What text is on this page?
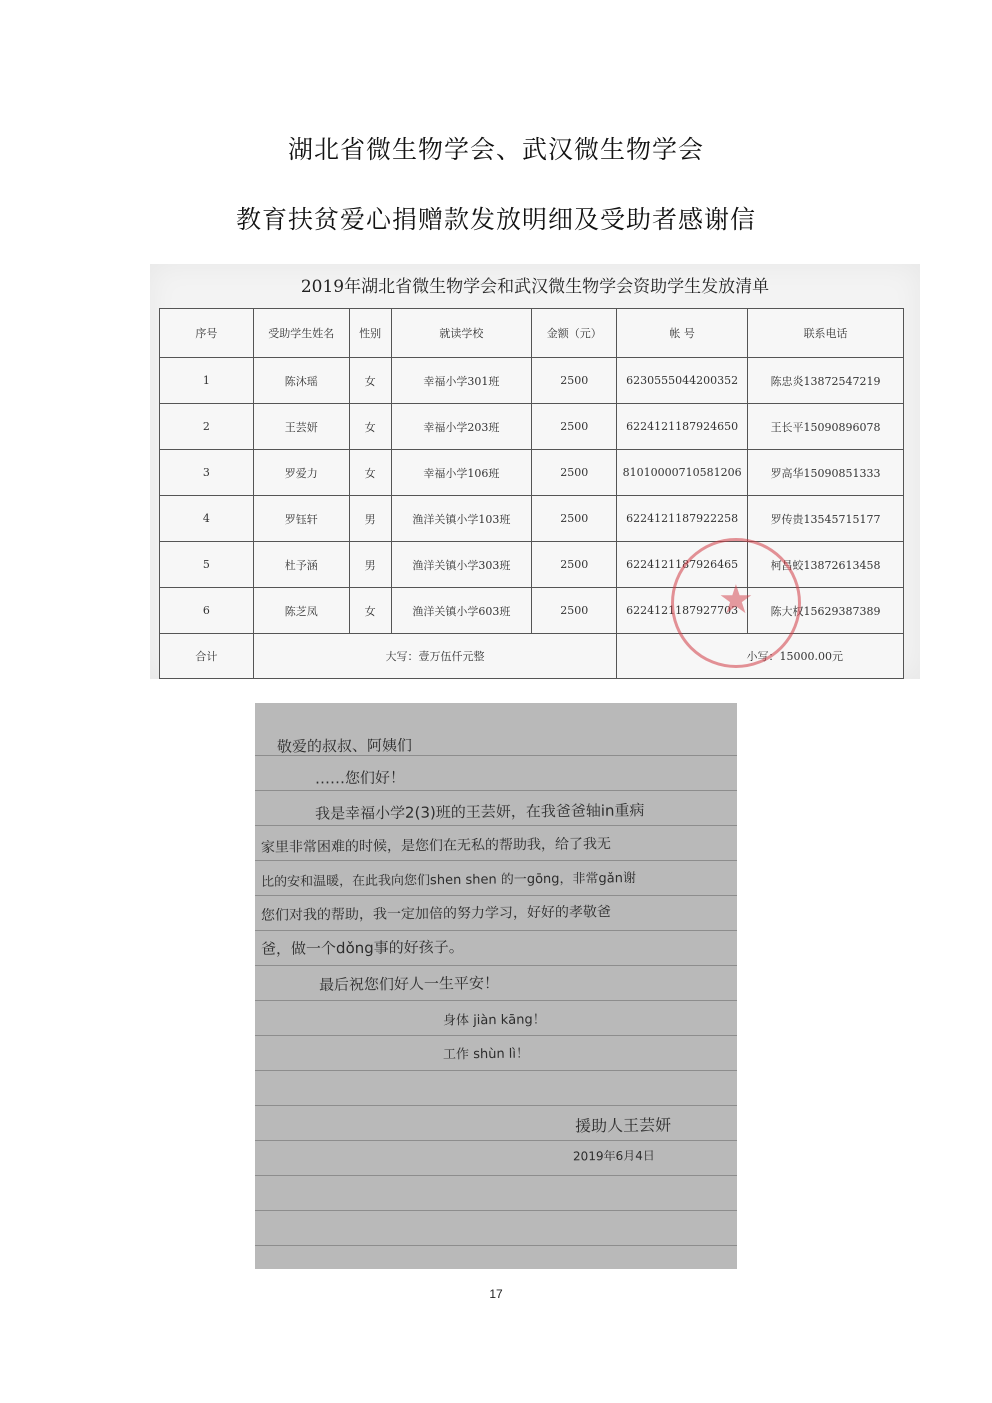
湖北省微生物学会、武汉微生物学会
教育扶贫爱心捐赠款发放明细及受助者感谢信
2019年湖北省微生物学会和武汉微生物学会资助学生发放清单
序号	受助学生姓名	性别	就读学校	金额（元）	帐 号	联系电话
1	陈沐瑶	女	幸福小学301班	2500	6230555044200352	陈忠炎13872547219
2	王芸妍	女	幸福小学203班	2500	6224121187924650	王长平15090896078
3	罗爱力	女	幸福小学106班	2500	81010000710581206	罗高华15090851333
4	罗钰轩	男	渔洋关镇小学103班	2500	6224121187922258	罗传贵13545715177
5	杜予涵	男	渔洋关镇小学303班	2500	6224121187926465	柯昌蛟13872613458
6	陈芝凤	女	渔洋关镇小学603班	2500	6224121187927703	陈大权15629387389
合计	大写：壹万伍仟元整				小写：15000.00元	
★
敬爱的叔叔、阿姨们
……您们好！
我是幸福小学2(3)班的王芸妍，在我爸爸轴in重病
家里非常困难的时候，是您们在无私的帮助我，给了我无
比的安和温暖，在此我向您们shen shen 的一gōng，非常gǎn谢
您们对我的帮助，我一定加倍的努力学习，好好的孝敬爸
爸，做一个dǒng事的好孩子。
最后祝您们好人一生平安！
身体 jiàn kāng！
工作 shùn lì！
援助人王芸妍
2019年6月4日
17
